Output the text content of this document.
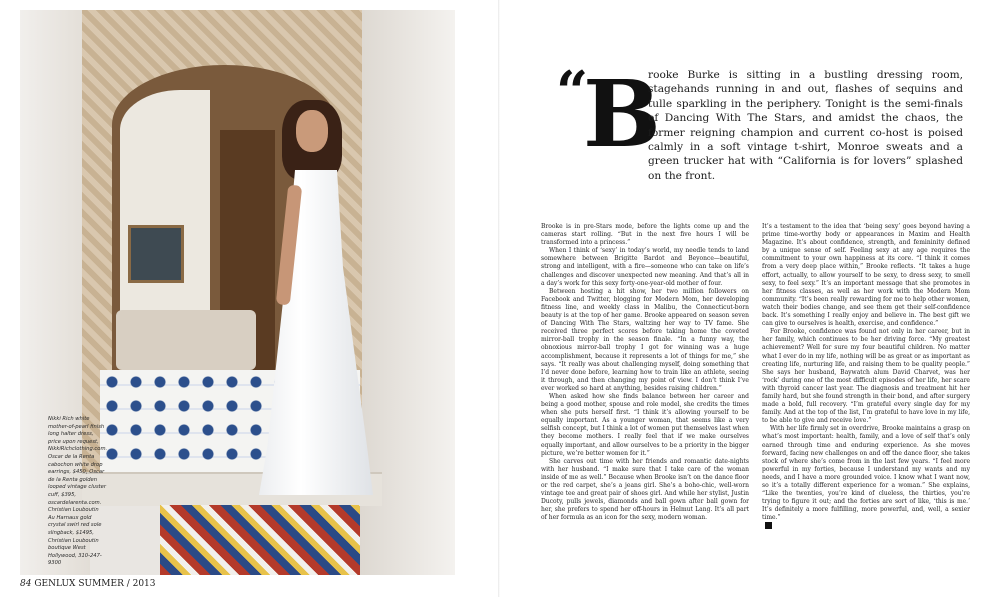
Nikki Rich white mother-of-pearl finish long halter dress, price upon request, NikkiRichclothing.com. Oscar de la Renta cabochon white drop earrings, $450; Oscar de la Renta golden looped vintage cluster cuff, $395, oscardelarenta.com. Christian Louboutin Au Harnaux gold crystal swirl red sole slingback, $1495, Christian Louboutin boutique West Hollywood, 310-247-9300
84 GENLUX SUMMER / 2013
“
B
rooke Burke is sitting in a bustling dressing room, stagehands running in and out, flashes of sequins and tulle sparkling in the periphery. Tonight is the semi-finals of Dancing With The Stars, and amidst the chaos, the former reigning champion and current co-host is poised calmly in a soft vintage t-shirt, Monroe sweats and a green trucker hat with “California is for lovers” splashed on the front.

Brooke is in pre-Stars mode, before the lights come up and the cameras start rolling. “But in the next five hours I will be transformed into a princess.”

When I think of ‘sexy’ in today’s world, my needle tends to land somewhere between Brigitte Bardot and Beyonce—beautiful, strong and intelligent, with a fire—someone who can take on life’s challenges and discover unexpected new meaning. And that’s all in a day’s work for this sexy forty-one-year-old mother of four.

Between hosting a hit show, her two million followers on Facebook and Twitter, blogging for Modern Mom, her developing fitness line, and weekly class in Malibu, the Connecticut-born beauty is at the top of her game. Brooke appeared on season seven of Dancing With The Stars, waltzing her way to TV fame. She received three perfect scores before taking home the coveted mirror-ball trophy in the season finale. “In a funny way, the obnoxious mirror-ball trophy I got for winning was a huge accomplishment, because it represents a lot of things for me,” she says. “It really was about challenging myself, doing something that I’d never done before, learning how to train like an athlete, seeing it through, and then changing my point of view. I don’t think I’ve ever worked so hard at anything, besides raising children.”

When asked how she finds balance between her career and being a good mother, spouse and role model, she credits the times when she puts herself first. “I think it’s allowing yourself to be equally important. As a younger woman, that seems like a very selfish concept, but I think a lot of women put themselves last when they become mothers. I really feel that if we make ourselves equally important, and allow ourselves to be a priority in the bigger picture, we’re better women for it.”

She carves out time with her friends and romantic date-nights with her husband. “I make sure that I take care of the woman inside of me as well.” Because when Brooke isn’t on the dance floor or the red carpet, she’s a jeans girl. She’s a boho-chic, well-worn vintage tee and great pair of shoes girl. And while her stylist, Justin Ducoty, pulls jewels, diamonds and ball gown after ball gown for her, she prefers to spend her off-hours in Helmut Lang. It’s all part of her formula as an icon for the sexy, modern woman.

It’s a testament to the idea that ‘being sexy’ goes beyond having a prime time-worthy body or appearances in Maxim and Health Magazine. It’s about confidence, strength, and femininity defined by a unique sense of self. Feeling sexy at any age requires the commitment to your own happiness at its core. “I think it comes from a very deep place within,” Brooke reflects. “It takes a huge effort, actually, to allow yourself to be sexy, to dress sexy, to smell sexy, to feel sexy.” It’s an important message that she promotes in her fitness classes, as well as her work with the Modern Mom community. “It’s been really rewarding for me to help other women, watch their bodies change, and see them get their self-confidence back. It’s something I really enjoy and believe in. The best gift we can give to ourselves is health, exercise, and confidence.”

For Brooke, confidence was found not only in her career, but in her family, which continues to be her driving force. “My greatest achievement? Well for sure my four beautiful children. No matter what I ever do in my life, nothing will be as great or as important as creating life, nurturing life, and raising them to be quality people.” She says her husband, Baywatch alum David Charvet, was her ‘rock’ during one of the most difficult episodes of her life, her scare with thyroid cancer last year. The diagnosis and treatment hit her family hard, but she found strength in their bond, and after surgery made a bold, full recovery. “I’m grateful every single day for my family. And at the top of the list, I’m grateful to have love in my life, to be able to give and receive love.”

With her life firmly set in overdrive, Brooke maintains a grasp on what’s most important: health, family, and a love of self that’s only earned through time and enduring experience. As she moves forward, facing new challenges on and off the dance floor, she takes stock of where she’s come from in the last few years. “I feel more powerful in my forties, because I understand my wants and my needs, and I have a more grounded voice. I know what I want now, so it’s a totally different experience for a woman.” She explains, “Like the twenties, you’re kind of clueless, the thirties, you’re trying to figure it out; and the forties are sort of like, ‘this is me.’ It’s definitely a more fulfilling, more powerful, and, well, a sexier time.”
